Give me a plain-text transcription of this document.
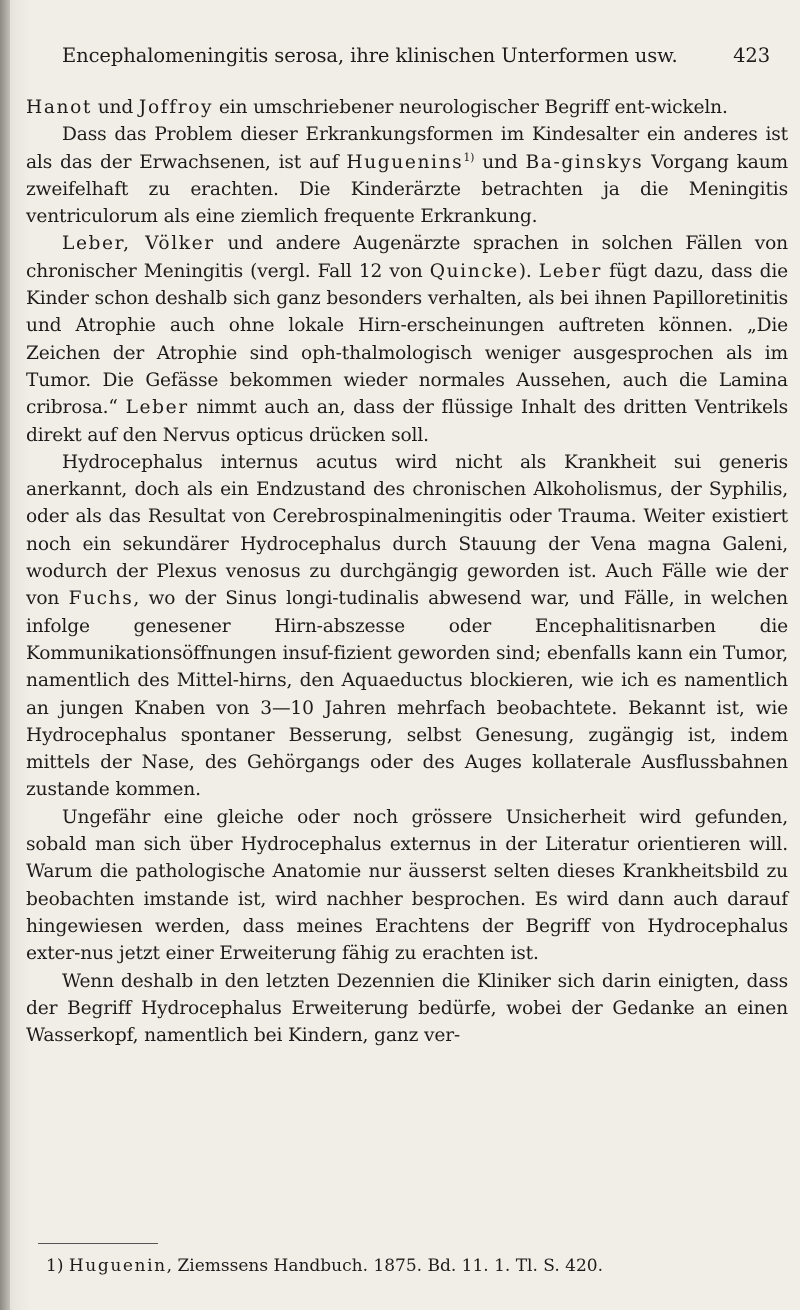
Encephalomeningitis serosa, ihre klinischen Unterformen usw.	423

Hanot und Joffroy ein umschriebener neurologischer Begriff ent-wickeln.

Dass das Problem dieser Erkrankungsformen im Kindesalter ein anderes ist als das der Erwachsenen, ist auf Huguenins$^{1)}$ und Ba-ginskys Vorgang kaum zweifelhaft zu erachten. Die Kinderärzte betrachten ja die Meningitis ventriculorum als eine ziemlich frequente Erkrankung.

Leber, Völker und andere Augenärzte sprachen in solchen Fällen von chronischer Meningitis (vergl. Fall 12 von Quincke). Leber fügt dazu, dass die Kinder schon deshalb sich ganz besonders verhalten, als bei ihnen Papilloretinitis und Atrophie auch ohne lokale Hirn-erscheinungen auftreten können. „Die Zeichen der Atrophie sind oph-thalmologisch weniger ausgesprochen als im Tumor. Die Gefässe bekommen wieder normales Aussehen, auch die Lamina cribrosa.“ Leber nimmt auch an, dass der flüssige Inhalt des dritten Ventrikels direkt auf den Nervus opticus drücken soll.

Hydrocephalus internus acutus wird nicht als Krankheit sui generis anerkannt, doch als ein Endzustand des chronischen Alkoholismus, der Syphilis, oder als das Resultat von Cerebrospinalmeningitis oder Trauma. Weiter existiert noch ein sekundärer Hydrocephalus durch Stauung der Vena magna Galeni, wodurch der Plexus venosus zu durchgängig geworden ist. Auch Fälle wie der von Fuchs, wo der Sinus longi-tudinalis abwesend war, und Fälle, in welchen infolge genesener Hirn-abszesse oder Encephalitisnarben die Kommunikationsöffnungen insuf-fizient geworden sind; ebenfalls kann ein Tumor, namentlich des Mittel-hirns, den Aquaeductus blockieren, wie ich es namentlich an jungen Knaben von 3—10 Jahren mehrfach beobachtete. Bekannt ist, wie Hydrocephalus spontaner Besserung, selbst Genesung, zugängig ist, indem mittels der Nase, des Gehörgangs oder des Auges kollaterale Ausflussbahnen zustande kommen.

Ungefähr eine gleiche oder noch grössere Unsicherheit wird gefunden, sobald man sich über Hydrocephalus externus in der Literatur orientieren will. Warum die pathologische Anatomie nur äusserst selten dieses Krankheitsbild zu beobachten imstande ist, wird nachher besprochen. Es wird dann auch darauf hingewiesen werden, dass meines Erachtens der Begriff von Hydrocephalus exter-nus jetzt einer Erweiterung fähig zu erachten ist.

Wenn deshalb in den letzten Dezennien die Kliniker sich darin einigten, dass der Begriff Hydrocephalus Erweiterung bedürfe, wobei der Gedanke an einen Wasserkopf, namentlich bei Kindern, ganz ver-

1) Huguenin, Ziemssens Handbuch. 1875. Bd. 11. 1. Tl. S. 420.
